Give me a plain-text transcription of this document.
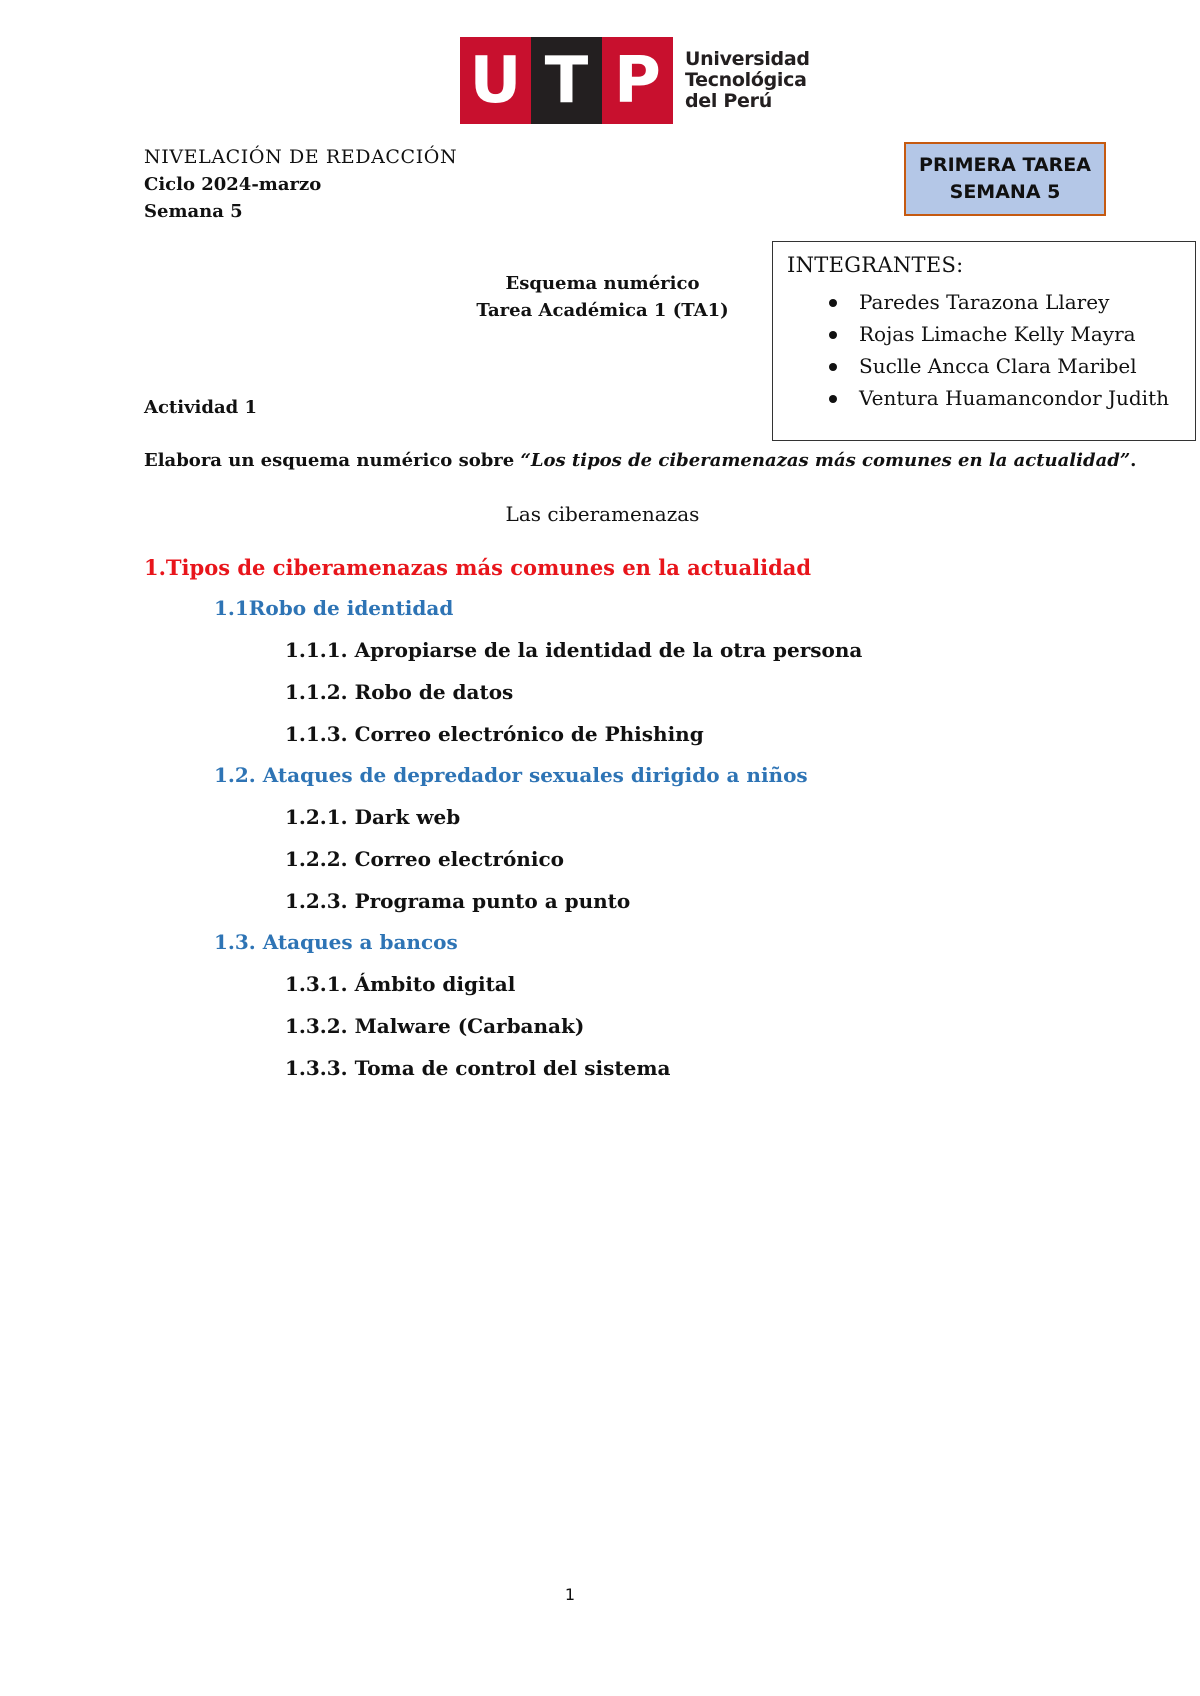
U T P	Universidad
Tecnológica
del Perú
NIVELACIÓN DE REDACCIÓN
Ciclo 2024-marzo
Semana 5
PRIMERA TAREA
SEMANA 5
INTEGRANTES:
Paredes Tarazona Llarey
Rojas Limache Kelly Mayra
Suclle Ancca Clara Maribel
Ventura Huamancondor Judith
Esquema numérico
Tarea Académica 1 (TA1)
Actividad 1
Elabora un esquema numérico sobre “Los tipos de ciberamenazas más comunes en la actualidad”.
Las ciberamenazas
1.Tipos de ciberamenazas más comunes en la actualidad
1.1Robo de identidad
1.1.1. Apropiarse de la identidad de la otra persona
1.1.2. Robo de datos
1.1.3. Correo electrónico de Phishing
1.2. Ataques de depredador sexuales dirigido a niños
1.2.1. Dark web
1.2.2. Correo electrónico
1.2.3. Programa punto a punto
1.3. Ataques a bancos
1.3.1. Ámbito digital
1.3.2. Malware (Carbanak)
1.3.3. Toma de control del sistema
1
